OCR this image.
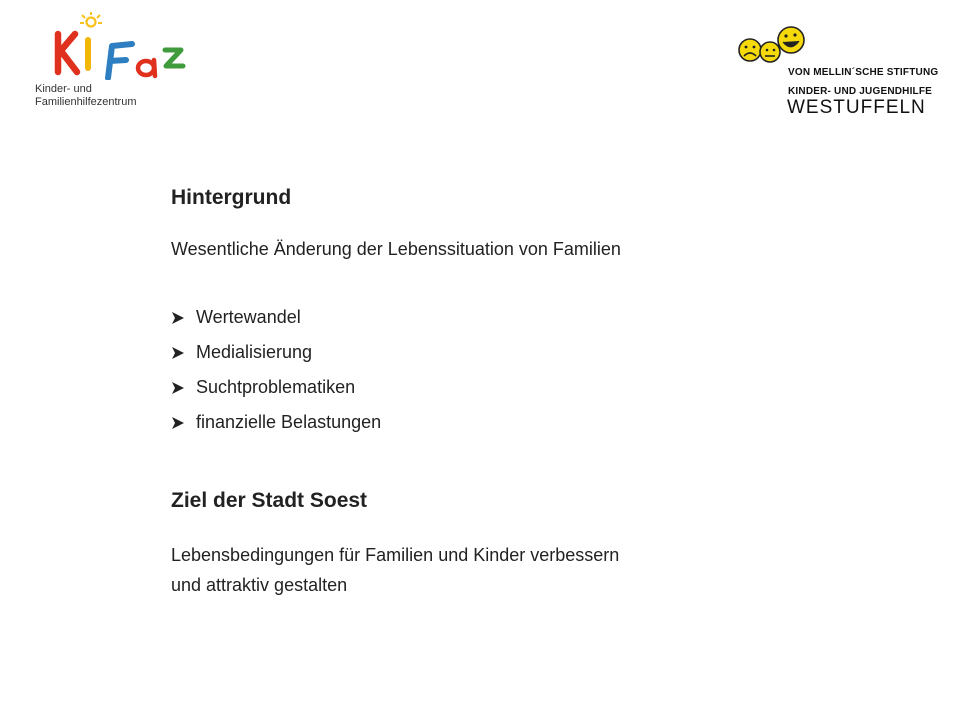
Kinder- und
Familienhilfezentrum
VON MELLIN´SCHE STIFTUNG
KINDER- UND JUGENDHILFE
WESTUFFELN
Hintergrund
Wesentliche Änderung der Lebenssituation von Familien
Wertewandel
Medialisierung
Suchtproblematiken
finanzielle Belastungen
Ziel der Stadt Soest
Lebensbedingungen für Familien und Kinder verbessern
und attraktiv gestalten
